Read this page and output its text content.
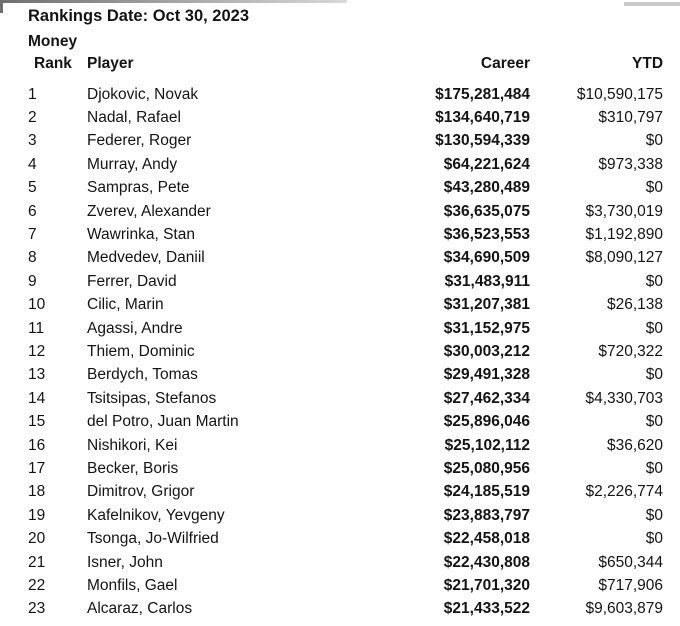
Rankings Date: Oct 30, 2023
Money			
Rank	Player	Career	YTD
1	Djokovic, Novak	$175,281,484	$10,590,175
2	Nadal, Rafael	$134,640,719	$310,797
3	Federer, Roger	$130,594,339	$0
4	Murray, Andy	$64,221,624	$973,338
5	Sampras, Pete	$43,280,489	$0
6	Zverev, Alexander	$36,635,075	$3,730,019
7	Wawrinka, Stan	$36,523,553	$1,192,890
8	Medvedev, Daniil	$34,690,509	$8,090,127
9	Ferrer, David	$31,483,911	$0
10	Cilic, Marin	$31,207,381	$26,138
11	Agassi, Andre	$31,152,975	$0
12	Thiem, Dominic	$30,003,212	$720,322
13	Berdych, Tomas	$29,491,328	$0
14	Tsitsipas, Stefanos	$27,462,334	$4,330,703
15	del Potro, Juan Martin	$25,896,046	$0
16	Nishikori, Kei	$25,102,112	$36,620
17	Becker, Boris	$25,080,956	$0
18	Dimitrov, Grigor	$24,185,519	$2,226,774
19	Kafelnikov, Yevgeny	$23,883,797	$0
20	Tsonga, Jo-Wilfried	$22,458,018	$0
21	Isner, John	$22,430,808	$650,344
22	Monfils, Gael	$21,701,320	$717,906
23	Alcaraz, Carlos	$21,433,522	$9,603,879
